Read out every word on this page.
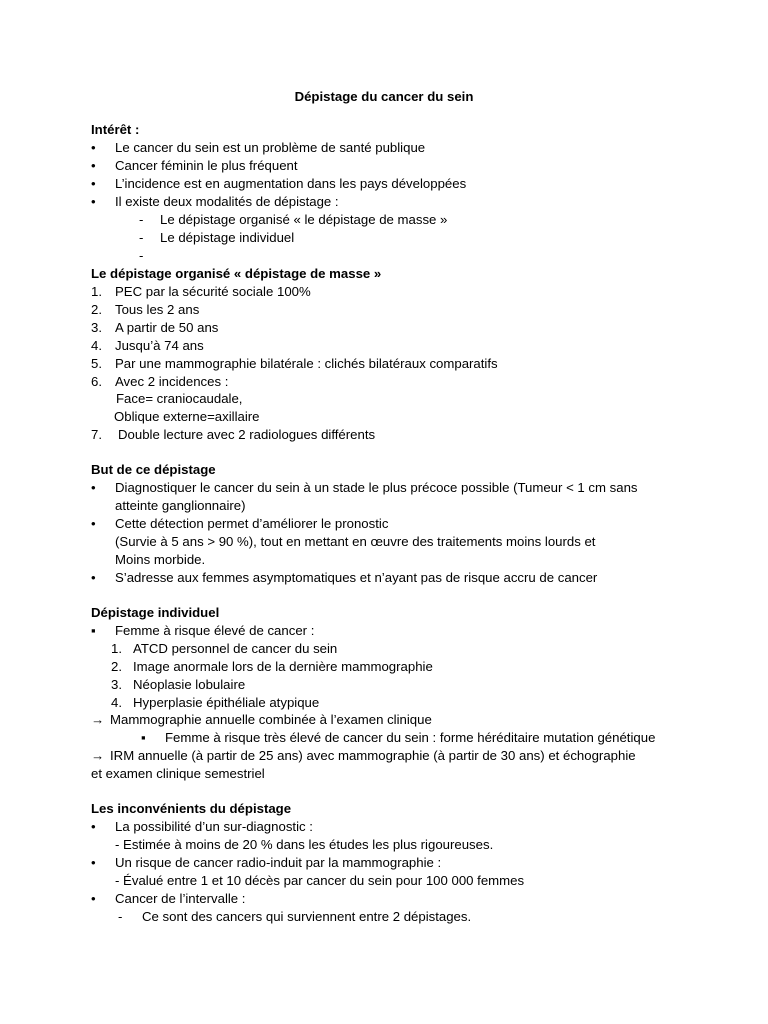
Dépistage du cancer du sein
Intérêt :
• Le cancer du sein est un problème de santé publique
• Cancer féminin le plus fréquent
• L’incidence est en augmentation dans les pays développées
• Il existe deux modalités de dépistage :
- Le dépistage organisé « le dépistage de masse »
- Le dépistage individuel
-
Le dépistage organisé « dépistage de masse »
1. PEC par la sécurité sociale 100%
2. Tous les 2 ans
3. A partir de 50 ans
4. Jusqu’à 74 ans
5. Par une mammographie bilatérale : clichés bilatéraux comparatifs
6. Avec 2 incidences :
Face= craniocaudale,
Oblique externe=axillaire
7. Double lecture avec 2 radiologues différents
But de ce dépistage
• Diagnostiquer le cancer du sein à un stade le plus précoce possible (Tumeur < 1 cm sans
atteinte ganglionnaire)
• Cette détection permet d’améliorer le pronostic
(Survie à 5 ans > 90 %), tout en mettant en œuvre des traitements moins lourds et
Moins morbide.
• S’adresse aux femmes asymptomatiques et n’ayant pas de risque accru de cancer
Dépistage individuel
▪ Femme à risque élevé de cancer :
1. ATCD personnel de cancer du sein
2. Image anormale lors de la dernière mammographie
3. Néoplasie lobulaire
4. Hyperplasie épithéliale atypique
→ Mammographie annuelle combinée à l’examen clinique
▪ Femme à risque très élevé de cancer du sein : forme héréditaire mutation génétique
→ IRM annuelle (à partir de 25 ans) avec mammographie (à partir de 30 ans) et échographie
et examen clinique semestriel
Les inconvénients du dépistage
• La possibilité d’un sur-diagnostic :
- Estimée à moins de 20 % dans les études les plus rigoureuses.
• Un risque de cancer radio-induit par la mammographie :
- Évalué entre 1 et 10 décès par cancer du sein pour 100 000 femmes
• Cancer de l’intervalle :
- Ce sont des cancers qui surviennent entre 2 dépistages.
